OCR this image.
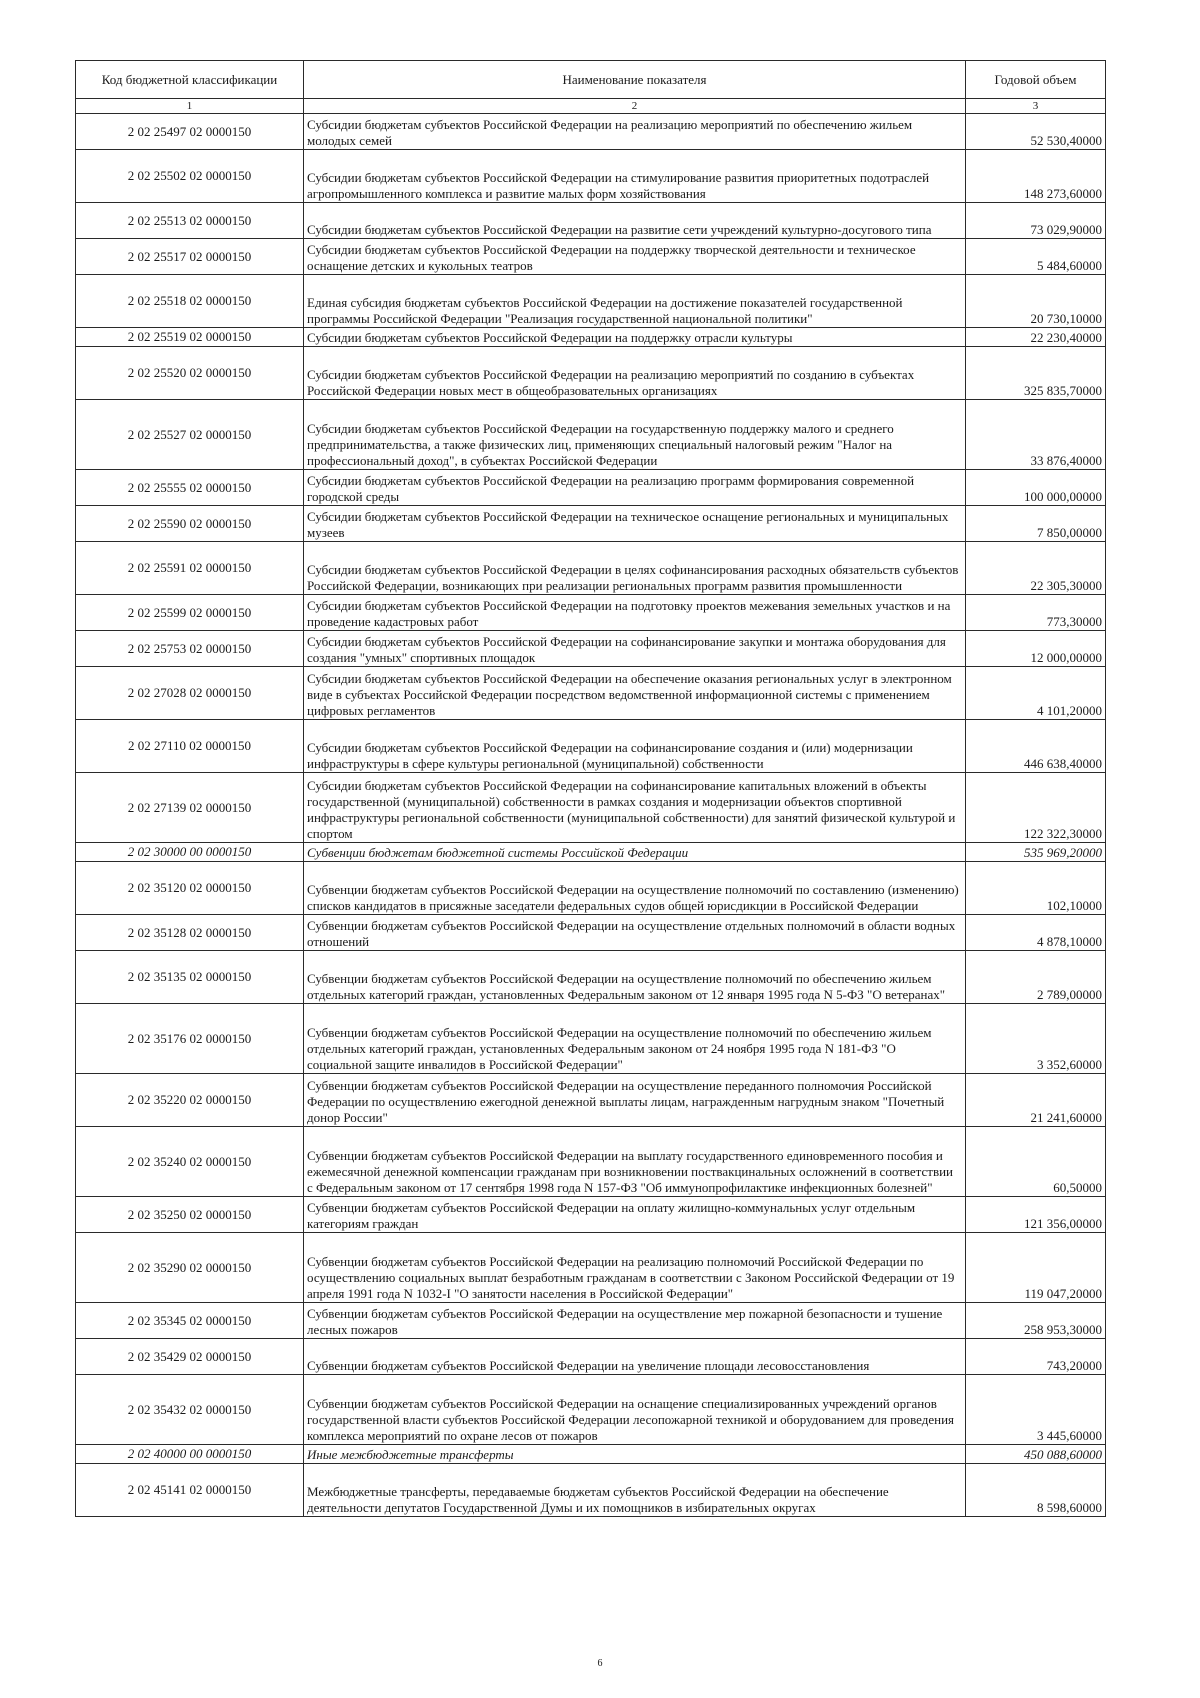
Код бюджетной классификации	Наименование показателя	Годовой объем
1	2	3
2 02 25497 02 0000150	Субсидии бюджетам субъектов Российской Федерации на реализацию мероприятий по обеспечению жильем молодых семей	52 530,40000
2 02 25502 02 0000150	Субсидии бюджетам субъектов Российской Федерации на стимулирование развития приоритетных подотраслей агропромышленного комплекса и развитие малых форм хозяйствования	148 273,60000
2 02 25513 02 0000150	Субсидии бюджетам субъектов Российской Федерации на развитие сети учреждений культурно-досугового типа	73 029,90000
2 02 25517 02 0000150	Субсидии бюджетам субъектов Российской Федерации на поддержку творческой деятельности и техническое оснащение детских и кукольных театров	5 484,60000
2 02 25518 02 0000150	Единая субсидия бюджетам субъектов Российской Федерации на достижение показателей государственной программы Российской Федерации "Реализация государственной национальной политики"	20 730,10000
2 02 25519 02 0000150	Субсидии бюджетам субъектов Российской Федерации на поддержку отрасли культуры	22 230,40000
2 02 25520 02 0000150	Субсидии бюджетам субъектов Российской Федерации на реализацию мероприятий по созданию в субъектах Российской Федерации новых мест в общеобразовательных организациях	325 835,70000
2 02 25527 02 0000150	Субсидии бюджетам субъектов Российской Федерации на государственную поддержку малого и среднего предпринимательства, а также физических лиц, применяющих специальный налоговый режим "Налог на профессиональный доход", в субъектах Российской Федерации	33 876,40000
2 02 25555 02 0000150	Субсидии бюджетам субъектов Российской Федерации на реализацию программ формирования современной городской среды	100 000,00000
2 02 25590 02 0000150	Субсидии бюджетам субъектов Российской Федерации на техническое оснащение региональных и муниципальных музеев	7 850,00000
2 02 25591 02 0000150	Субсидии бюджетам субъектов Российской Федерации в целях софинансирования расходных обязательств субъектов Российской Федерации, возникающих при реализации региональных программ развития промышленности	22 305,30000
2 02 25599 02 0000150	Субсидии бюджетам субъектов Российской Федерации на подготовку проектов межевания земельных участков и на проведение кадастровых работ	773,30000
2 02 25753 02 0000150	Субсидии бюджетам субъектов Российской Федерации на софинансирование закупки и монтажа оборудования для создания "умных" спортивных площадок	12 000,00000
2 02 27028 02 0000150	Субсидии бюджетам субъектов Российской Федерации на обеспечение оказания региональных услуг в электронном виде в субъектах Российской Федерации посредством ведомственной информационной системы с применением цифровых регламентов	4 101,20000
2 02 27110 02 0000150	Субсидии бюджетам субъектов Российской Федерации на софинансирование создания и (или) модернизации инфраструктуры в сфере культуры региональной (муниципальной) собственности	446 638,40000
2 02 27139 02 0000150	Субсидии бюджетам субъектов Российской Федерации на софинансирование капитальных вложений в объекты государственной (муниципальной) собственности в рамках создания и модернизации объектов спортивной инфраструктуры региональной собственности (муниципальной собственности) для занятий физической культурой и спортом	122 322,30000
2 02 30000 00 0000150	Субвенции бюджетам бюджетной системы Российской Федерации	535 969,20000
2 02 35120 02 0000150	Субвенции бюджетам субъектов Российской Федерации на осуществление полномочий по составлению (изменению) списков кандидатов в присяжные заседатели федеральных судов общей юрисдикции в Российской Федерации	102,10000
2 02 35128 02 0000150	Субвенции бюджетам субъектов Российской Федерации на осуществление отдельных полномочий в области водных отношений	4 878,10000
2 02 35135 02 0000150	Субвенции бюджетам субъектов Российской Федерации на осуществление полномочий по обеспечению жильем отдельных категорий граждан, установленных Федеральным законом от 12 января 1995 года N 5-ФЗ "О ветеранах"	2 789,00000
2 02 35176 02 0000150	Субвенции бюджетам субъектов Российской Федерации на осуществление полномочий по обеспечению жильем отдельных категорий граждан, установленных Федеральным законом от 24 ноября 1995 года N 181-ФЗ "О социальной защите инвалидов в Российской Федерации"	3 352,60000
2 02 35220 02 0000150	Субвенции бюджетам субъектов Российской Федерации на осуществление переданного полномочия Российской Федерации по осуществлению ежегодной денежной выплаты лицам, награжденным нагрудным знаком "Почетный донор России"	21 241,60000
2 02 35240 02 0000150	Субвенции бюджетам субъектов Российской Федерации на выплату государственного единовременного пособия и ежемесячной денежной компенсации гражданам при возникновении поствакцинальных осложнений в соответствии с Федеральным законом от 17 сентября 1998 года N 157-ФЗ "Об иммунопрофилактике инфекционных болезней"	60,50000
2 02 35250 02 0000150	Субвенции бюджетам субъектов Российской Федерации на оплату жилищно-коммунальных услуг отдельным категориям граждан	121 356,00000
2 02 35290 02 0000150	Субвенции бюджетам субъектов Российской Федерации на реализацию полномочий Российской Федерации по осуществлению социальных выплат безработным гражданам в соответствии с Законом Российской Федерации от 19 апреля 1991 года N 1032-I "О занятости населения в Российской Федерации"	119 047,20000
2 02 35345 02 0000150	Субвенции бюджетам субъектов Российской Федерации на осуществление мер пожарной безопасности и тушение лесных пожаров	258 953,30000
2 02 35429 02 0000150	Субвенции бюджетам субъектов Российской Федерации на увеличение площади лесовосстановления	743,20000
2 02 35432 02 0000150	Субвенции бюджетам субъектов Российской Федерации на оснащение специализированных учреждений органов государственной власти субъектов Российской Федерации лесопожарной техникой и оборудованием для проведения комплекса мероприятий по охране лесов от пожаров	3 445,60000
2 02 40000 00 0000150	Иные межбюджетные трансферты	450 088,60000
2 02 45141 02 0000150	Межбюджетные трансферты, передаваемые бюджетам субъектов Российской Федерации на обеспечение деятельности депутатов Государственной Думы и их помощников в избирательных округах	8 598,60000
6
